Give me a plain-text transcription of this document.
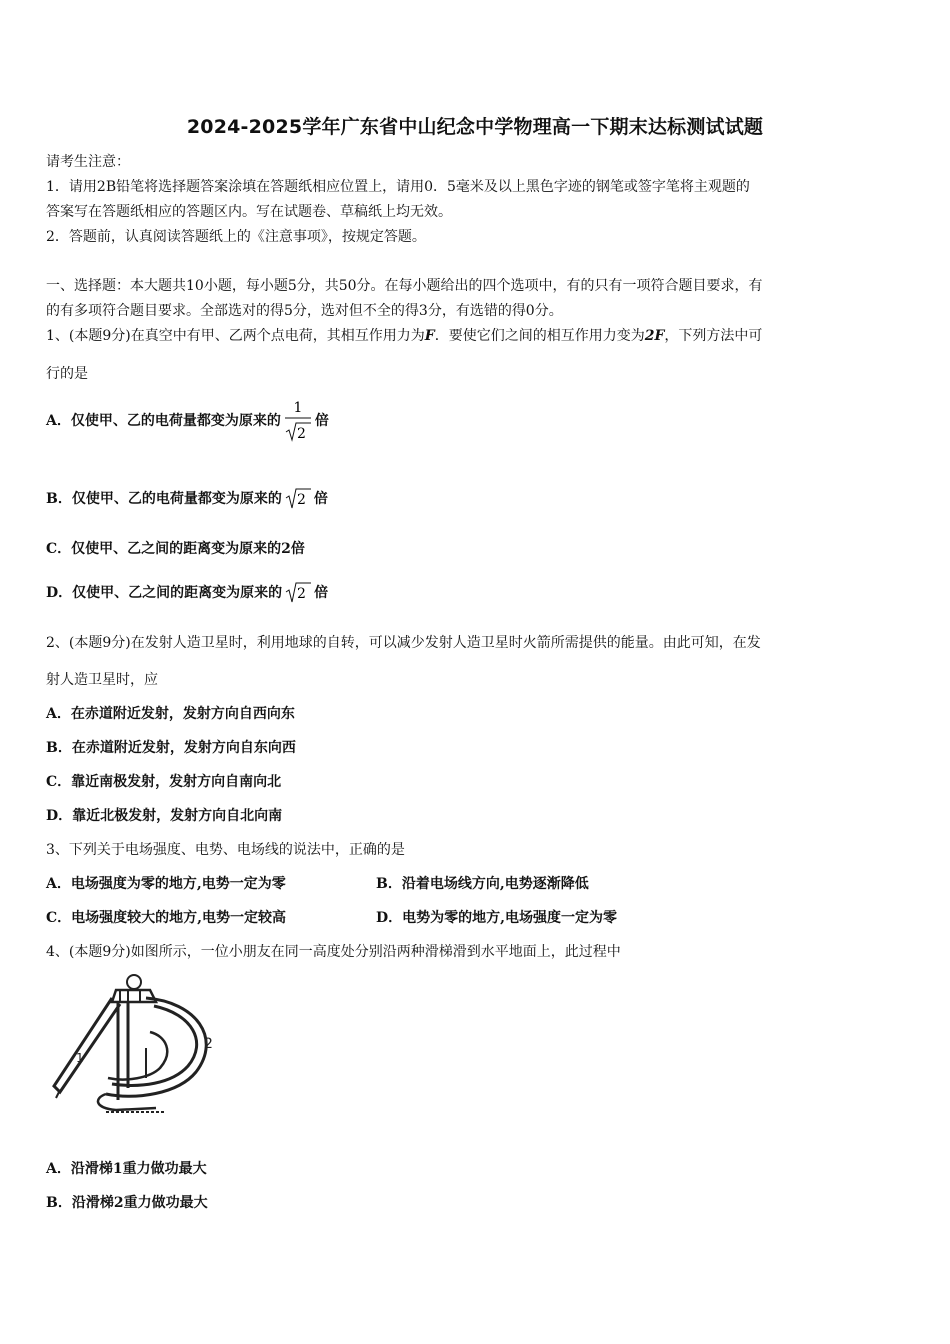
2024-2025学年广东省中山纪念中学物理高一下期末达标测试试题
请考生注意：
1．请用2B铅笔将选择题答案涂填在答题纸相应位置上，请用0．5毫米及以上黑色字迹的钢笔或签字笔将主观题的
答案写在答题纸相应的答题区内。写在试题卷、草稿纸上均无效。
2．答题前，认真阅读答题纸上的《注意事项》，按规定答题。
一、选择题：本大题共10小题，每小题5分，共50分。在每小题给出的四个选项中，有的只有一项符合题目要求，有
的有多项符合题目要求。全部选对的得5分，选对但不全的得3分，有选错的得0分。
1、(本题9分)在真空中有甲、乙两个点电荷，其相互作用力为F．要使它们之间的相互作用力变为2F，下列方法中可
行的是
A．仅使甲、乙的电荷量都变为原来的
1
2
倍
B．仅使甲、乙的电荷量都变为原来的 2 倍
C．仅使甲、乙之间的距离变为原来的2倍
D．仅使甲、乙之间的距离变为原来的 2 倍
2、(本题9分)在发射人造卫星时，利用地球的自转，可以减少发射人造卫星时火箭所需提供的能量。由此可知，在发
射人造卫星时，应
A．在赤道附近发射，发射方向自西向东
B．在赤道附近发射，发射方向自东向西
C．靠近南极发射，发射方向自南向北
D．靠近北极发射，发射方向自北向南
3、下列关于电场强度、电势、电场线的说法中，正确的是
A．电场强度为零的地方,电势一定为零	B．沿着电场线方向,电势逐渐降低
C．电场强度较大的地方,电势一定较高	D．电势为零的地方,电场强度一定为零
4、(本题9分)如图所示，一位小朋友在同一高度处分别沿两种滑梯滑到水平地面上，此过程中
1
2
A．沿滑梯1重力做功最大
B．沿滑梯2重力做功最大
